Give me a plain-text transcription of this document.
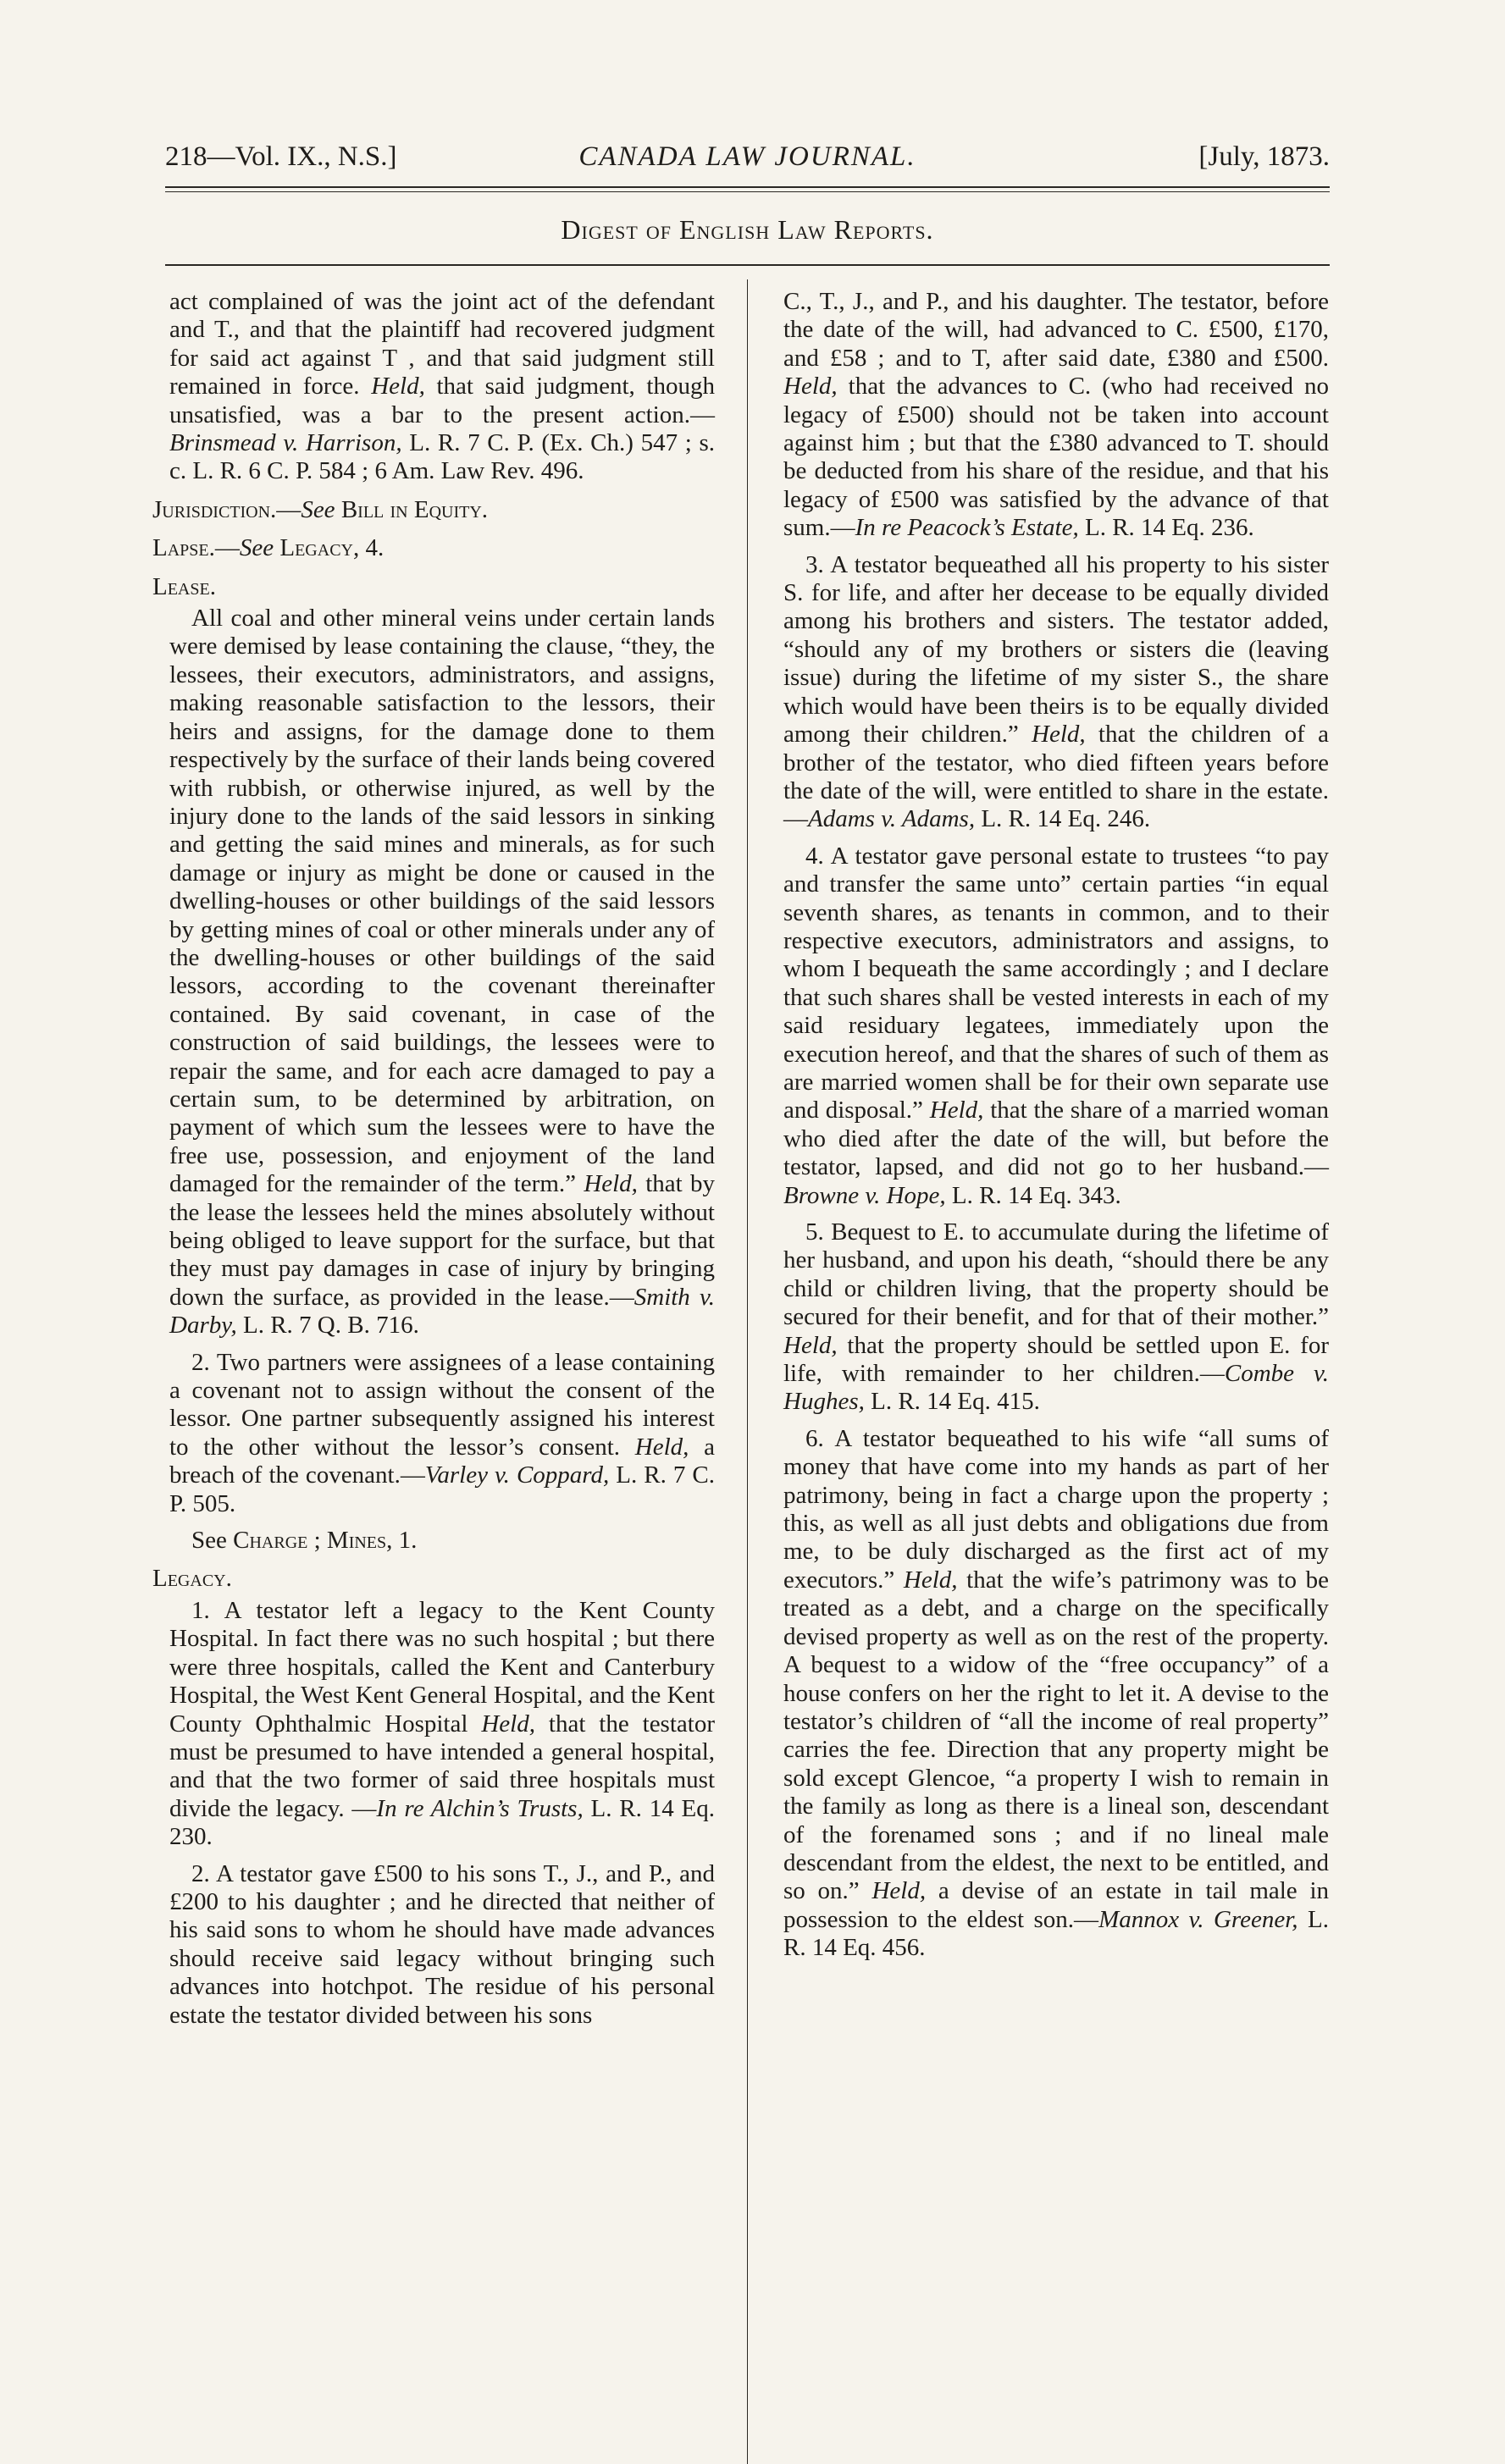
218—Vol. IX., N.S.]	CANADA LAW JOURNAL.	[July, 1873.
Digest of English Law Reports.

act complained of was the joint act of the defendant and T., and that the plaintiff had recovered judgment for said act against T , and that said judgment still remained in force. Held, that said judgment, though unsatisfied, was a bar to the present action.—Brinsmead v. Harrison, L. R. 7 C. P. (Ex. Ch.) 547 ; s. c. L. R. 6 C. P. 584 ; 6 Am. Law Rev. 496.

Jurisdiction.—See Bill in Equity.
Lapse.—See Legacy, 4.
Lease.

All coal and other mineral veins under certain lands were demised by lease containing the clause, “they, the lessees, their executors, administrators, and assigns, making reasonable satisfaction to the lessors, their heirs and assigns, for the damage done to them respectively by the surface of their lands being covered with rubbish, or otherwise injured, as well by the injury done to the lands of the said lessors in sinking and getting the said mines and minerals, as for such damage or injury as might be done or caused in the dwelling-houses or other buildings of the said lessors by getting mines of coal or other minerals under any of the dwelling-houses or other buildings of the said lessors, according to the covenant thereinafter contained. By said covenant, in case of the construction of said buildings, the lessees were to repair the same, and for each acre damaged to pay a certain sum, to be determined by arbitration, on payment of which sum the lessees were to have the free use, possession, and enjoyment of the land damaged for the remainder of the term.” Held, that by the lease the lessees held the mines absolutely without being obliged to leave support for the surface, but that they must pay damages in case of injury by bringing down the surface, as provided in the lease.—Smith v. Darby, L. R. 7 Q. B. 716.

2. Two partners were assignees of a lease containing a covenant not to assign without the consent of the lessor. One partner subsequently assigned his interest to the other without the lessor’s consent. Held, a breach of the covenant.—Varley v. Coppard, L. R. 7 C. P. 505.

See Charge ; Mines, 1.
Legacy.

1. A testator left a legacy to the Kent County Hospital. In fact there was no such hospital ; but there were three hospitals, called the Kent and Canterbury Hospital, the West Kent General Hospital, and the Kent County Ophthalmic Hospital Held, that the testator must be presumed to have intended a general hospital, and that the two former of said three hospitals must divide the legacy. —In re Alchin’s Trusts, L. R. 14 Eq. 230.

2. A testator gave £500 to his sons T., J., and P., and £200 to his daughter ; and he directed that neither of his said sons to whom he should have made advances should receive said legacy without bringing such advances into hotchpot. The residue of his personal estate the testator divided between his sons

C., T., J., and P., and his daughter. The testator, before the date of the will, had advanced to C. £500, £170, and £58 ; and to T, after said date, £380 and £500. Held, that the advances to C. (who had received no legacy of £500) should not be taken into account against him ; but that the £380 advanced to T. should be deducted from his share of the residue, and that his legacy of £500 was satisfied by the advance of that sum.—In re Peacock’s Estate, L. R. 14 Eq. 236.

3. A testator bequeathed all his property to his sister S. for life, and after her decease to be equally divided among his brothers and sisters. The testator added, “should any of my brothers or sisters die (leaving issue) during the lifetime of my sister S., the share which would have been theirs is to be equally divided among their children.” Held, that the children of a brother of the testator, who died fifteen years before the date of the will, were entitled to share in the estate.—Adams v. Adams, L. R. 14 Eq. 246.

4. A testator gave personal estate to trustees “to pay and transfer the same unto” certain parties “in equal seventh shares, as tenants in common, and to their respective executors, administrators and assigns, to whom I bequeath the same accordingly ; and I declare that such shares shall be vested interests in each of my said residuary legatees, immediately upon the execution hereof, and that the shares of such of them as are married women shall be for their own separate use and disposal.” Held, that the share of a married woman who died after the date of the will, but before the testator, lapsed, and did not go to her husband.—Browne v. Hope, L. R. 14 Eq. 343.

5. Bequest to E. to accumulate during the lifetime of her husband, and upon his death, “should there be any child or children living, that the property should be secured for their benefit, and for that of their mother.” Held, that the property should be settled upon E. for life, with remainder to her children.—Combe v. Hughes, L. R. 14 Eq. 415.

6. A testator bequeathed to his wife “all sums of money that have come into my hands as part of her patrimony, being in fact a charge upon the property ; this, as well as all just debts and obligations due from me, to be duly discharged as the first act of my executors.” Held, that the wife’s patrimony was to be treated as a debt, and a charge on the specifically devised property as well as on the rest of the property. A bequest to a widow of the “free occupancy” of a house confers on her the right to let it. A devise to the testator’s children of “all the income of real property” carries the fee. Direction that any property might be sold except Glencoe, “a property I wish to remain in the family as long as there is a lineal son, descendant of the forenamed sons ; and if no lineal male descendant from the eldest, the next to be entitled, and so on.” Held, a devise of an estate in tail male in possession to the eldest son.—Mannox v. Greener, L. R. 14 Eq. 456.
